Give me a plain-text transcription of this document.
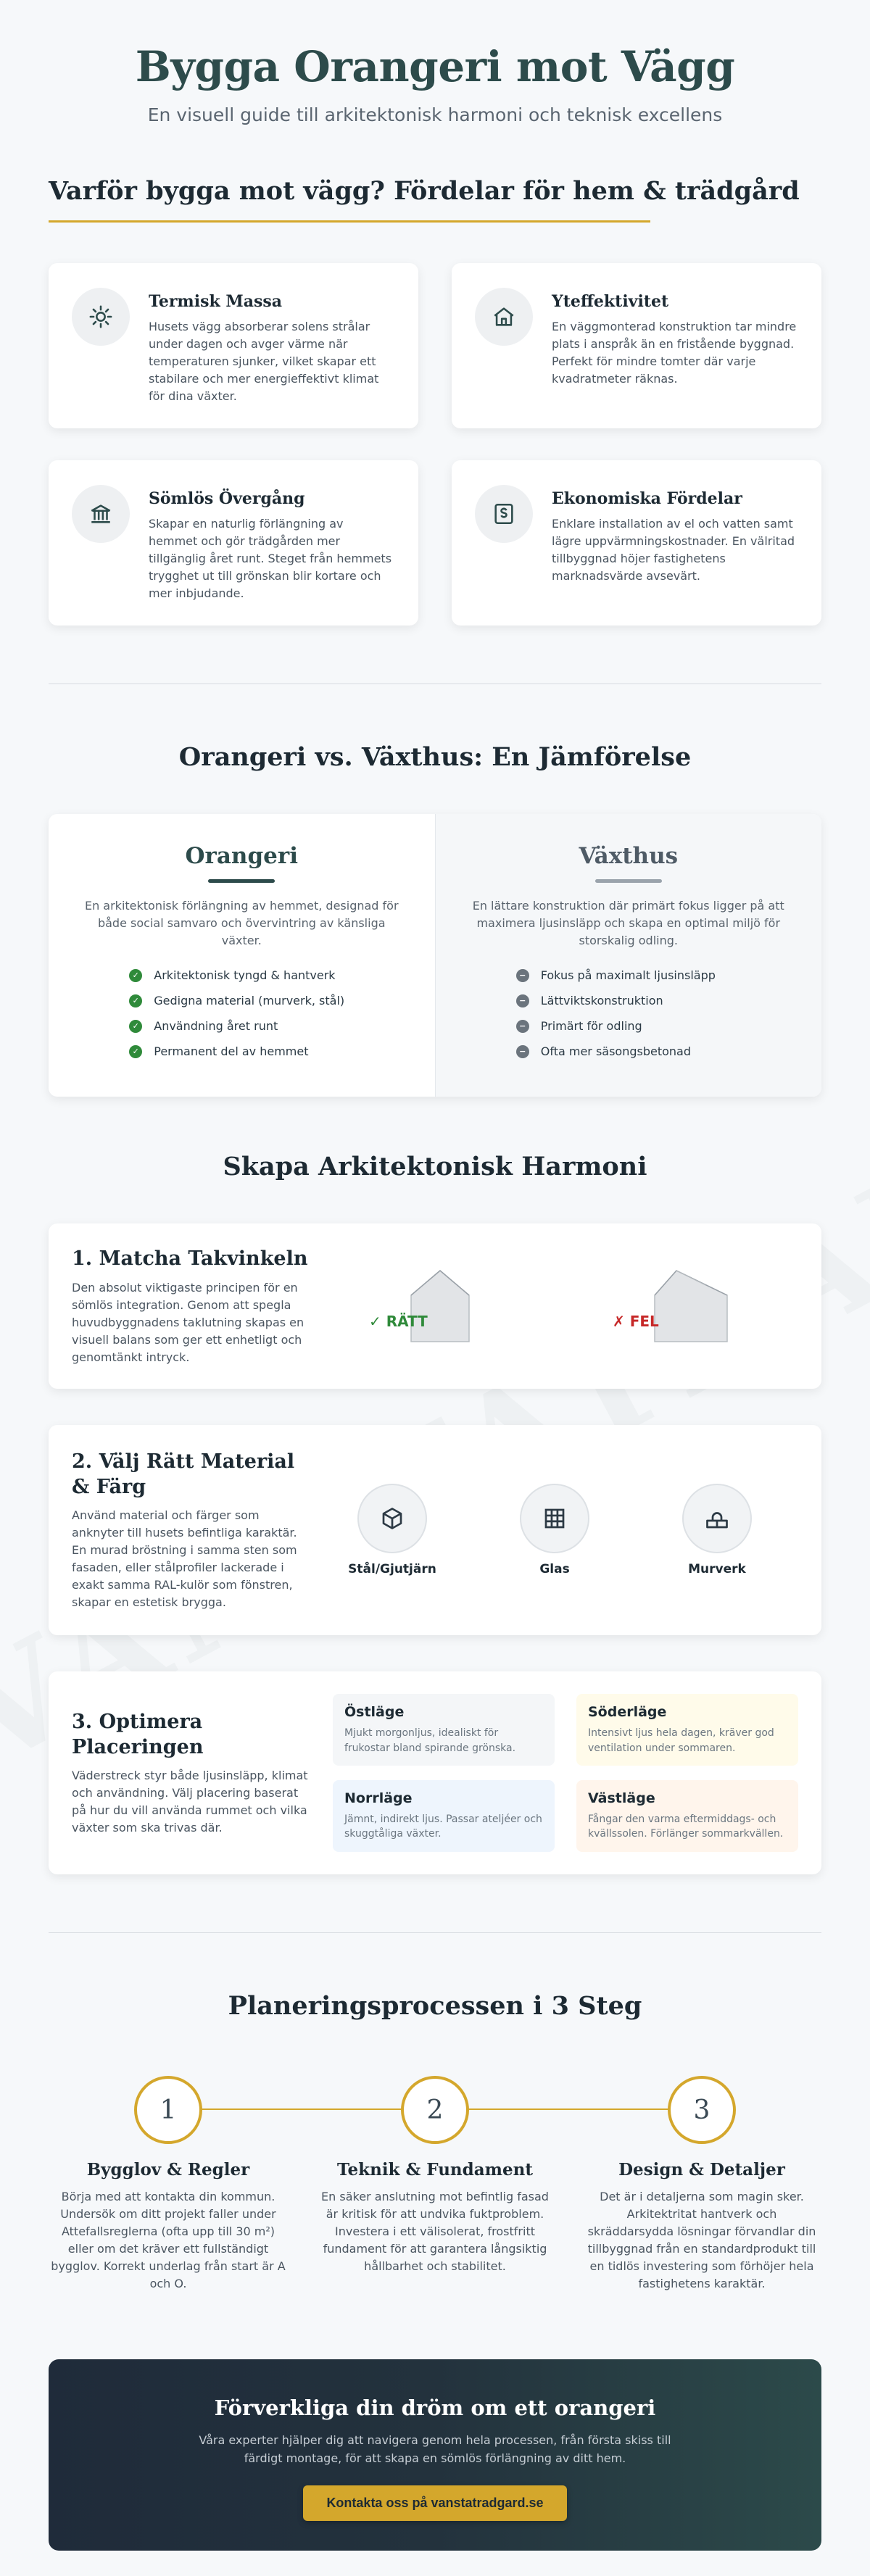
Bygga Orangeri mot Vägg

En visuell guide till arkitektonisk harmoni och teknisk excellens

Varför bygga mot vägg? Fördelar för hem & trädgård
Termisk Massa

Husets vägg absorberar solens strålar under dagen och avger värme när temperaturen sjunker, vilket skapar ett stabilare och mer energieffektivt klimat för dina växter.

Yteffektivitet

En väggmonterad konstruktion tar mindre plats i anspråk än en fristående byggnad. Perfekt för mindre tomter där varje kvadratmeter räknas.

Sömlös Övergång

Skapar en naturlig förlängning av hemmet och gör trädgården mer tillgänglig året runt. Steget från hemmets trygghet ut till grönskan blir kortare och mer inbjudande.

Ekonomiska Fördelar

Enklare installation av el och vatten samt lägre uppvärmningskostnader. En välritad tillbyggnad höjer fastighetens marknadsvärde avsevärt.

Orangeri vs. Växthus: En Jämförelse
Orangeri

En arkitektonisk förlängning av hemmet, designad för både social samvaro och övervintring av känsliga växter.

✓ Arkitektonisk tyngd & hantverk
✓ Gedigna material (murverk, stål)
✓ Användning året runt
✓ Permanent del av hemmet
Växthus

En lättare konstruktion där primärt fokus ligger på att maximera ljusinsläpp och skapa en optimal miljö för storskalig odling.

− Fokus på maximalt ljusinsläpp
− Lättviktskonstruktion
− Primärt för odling
− Ofta mer säsongsbetonad
Skapa Arkitektonisk Harmoni
1. Matcha Takvinkeln

Den absolut viktigaste principen för en sömlös integration. Genom att spegla huvudbyggnadens taklutning skapas en visuell balans som ger ett enhetligt och genomtänkt intryck.

✓ RÄTT	✗ FEL
2. Välj Rätt Material & Färg

Använd material och färger som anknyter till husets befintliga karaktär. En murad bröstning i samma sten som fasaden, eller stålprofiler lackerade i exakt samma RAL-kulör som fönstren, skapar en estetisk brygga.

Stål/Gjutjärn	Glas	Murverk
3. Optimera Placeringen

Väderstreck styr både ljusinsläpp, klimat och användning. Välj placering baserat på hur du vill använda rummet och vilka växter som ska trivas där.

Östläge

Mjukt morgonljus, idealiskt för frukostar bland spirande grönska.

Söderläge

Intensivt ljus hela dagen, kräver god ventilation under sommaren.

Norrläge

Jämnt, indirekt ljus. Passar ateljéer och skuggtåliga växter.

Västläge

Fångar den varma eftermiddags- och kvällssolen. Förlänger sommarkvällen.

Planeringsprocessen i 3 Steg
1
Bygglov & Regler

Börja med att kontakta din kommun. Undersök om ditt projekt faller under Attefallsreglerna (ofta upp till 30 m²) eller om det kräver ett fullständigt bygglov. Korrekt underlag från start är A och O.

2
Teknik & Fundament

En säker anslutning mot befintlig fasad är kritisk för att undvika fuktproblem. Investera i ett välisolerat, frostfritt fundament för att garantera långsiktig hållbarhet och stabilitet.

3
Design & Detaljer

Det är i detaljerna som magin sker. Arkitektritat hantverk och skräddarsydda lösningar förvandlar din tillbyggnad från en standardprodukt till en tidlös investering som förhöjer hela fastighetens karaktär.

Förverkliga din dröm om ett orangeri

Våra experter hjälper dig att navigera genom hela processen, från första skiss till färdigt montage, för att skapa en sömlös förlängning av ditt hem.

Kontakta oss på vanstatradgard.se
